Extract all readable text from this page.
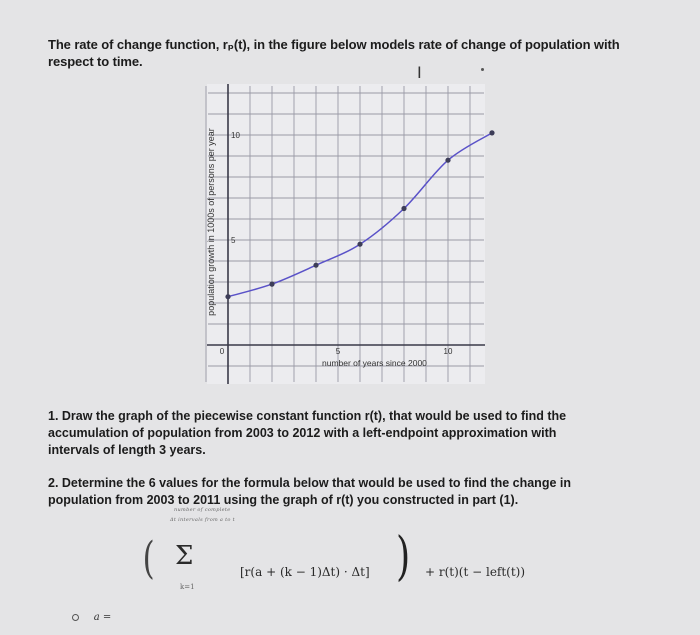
The rate of change function, rₚ(t), in the figure below models rate of change of population with
respect to time.
I
0	5	10
5
10
number of years since 2000
population growth in 1000s of persons per year
1. Draw the graph of the piecewise constant function r(t), that would be used to find the accumulation of population from 2003 to 2012 with a left-endpoint approximation with intervals of length 3 years.
2. Determine the 6 values for the formula below that would be used to find the change in population from 2003 to 2011 using the graph of r(t) you constructed in part (1).
(
number of complete
Δt intervals from a to t
Σ
k=1
[r(a + (k − 1)Δt) · Δt] ) + r(t)(t − left(t))
a =
